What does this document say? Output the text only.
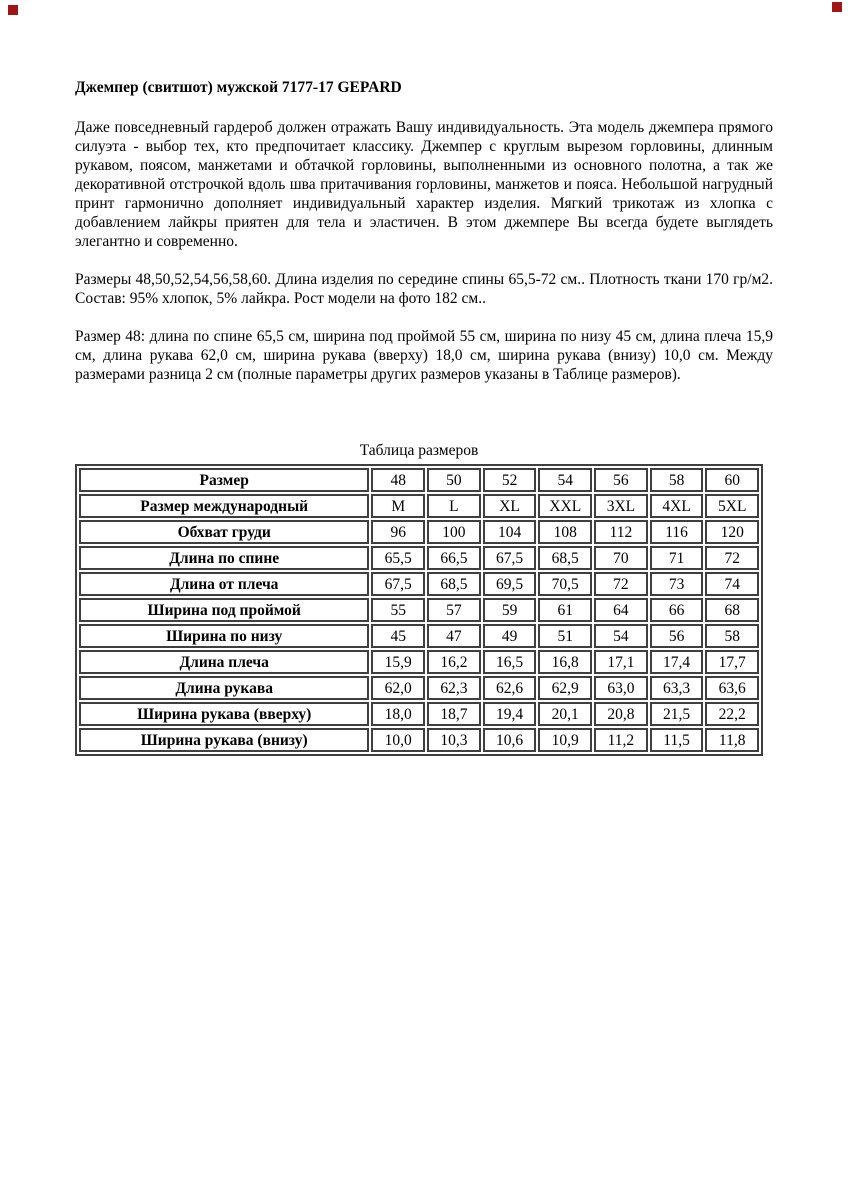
Джемпер (свитшот) мужской 7177-17 GEPARD

Даже повседневный гардероб должен отражать Вашу индивидуальность. Эта модель джемпера прямого силуэта - выбор тех, кто предпочитает классику. Джемпер с круглым вырезом горловины, длинным рукавом, поясом, манжетами и обтачкой горловины, выполненными из основного полотна, а так же декоративной отстрочкой вдоль шва притачивания горловины, манжетов и пояса. Небольшой нагрудный принт гармонично дополняет индивидуальный характер изделия. Мягкий трикотаж из хлопка с добавлением лайкры приятен для тела и эластичен. В этом джемпере Вы всегда будете выглядеть элегантно и современно.

Размеры 48,50,52,54,56,58,60. Длина изделия по середине спины 65,5-72 см.. Плотность ткани 170 гр/м2. Состав: 95% хлопок, 5% лайкра. Рост модели на фото 182 см..

Размер 48: длина по спине 65,5 см, ширина под проймой 55 см, ширина по низу 45 см, длина плеча 15,9 см, длина рукава 62,0 см, ширина рукава (вверху) 18,0 см, ширина рукава (внизу) 10,0 см. Между размерами разница 2 см (полные параметры других размеров указаны в Таблице размеров).

Таблица размеров
Размер	48	50	52	54	56	58	60
Размер международный	M	L	XL	XXL	3XL	4XL	5XL
Обхват груди	96	100	104	108	112	116	120
Длина по спине	65,5	66,5	67,5	68,5	70	71	72
Длина от плеча	67,5	68,5	69,5	70,5	72	73	74
Ширина под проймой	55	57	59	61	64	66	68
Ширина по низу	45	47	49	51	54	56	58
Длина плеча	15,9	16,2	16,5	16,8	17,1	17,4	17,7
Длина рукава	62,0	62,3	62,6	62,9	63,0	63,3	63,6
Ширина рукава (вверху)	18,0	18,7	19,4	20,1	20,8	21,5	22,2
Ширина рукава (внизу)	10,0	10,3	10,6	10,9	11,2	11,5	11,8
